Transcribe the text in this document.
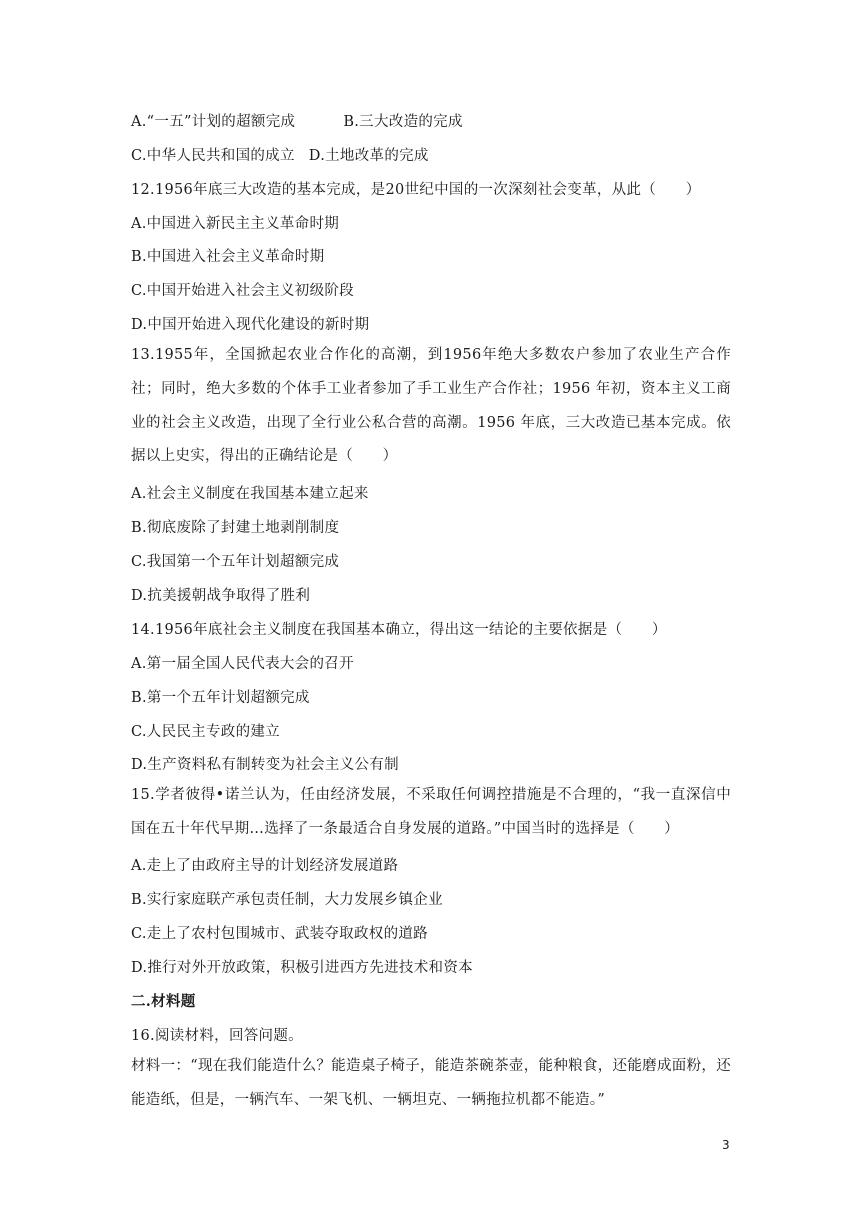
A.“一五”计划的超额完成	B.三大改造的完成
C.中华人民共和国的成立 D.土地改革的完成
12.1956年底三大改造的基本完成，是20世纪中国的一次深刻社会变革，从此（　　）
A.中国进入新民主主义革命时期
B.中国进入社会主义革命时期
C.中国开始进入社会主义初级阶段
D.中国开始进入现代化建设的新时期
13.1955年，全国掀起农业合作化的高潮，到1956年绝大多数农户参加了农业生产合作社；同时，绝大多数的个体手工业者参加了手工业生产合作社；1956 年初，资本主义工商业的社会主义改造，出现了全行业公私合营的高潮。1956 年底，三大改造已基本完成。依据以上史实，得出的正确结论是（　　）
A.社会主义制度在我国基本建立起来
B.彻底废除了封建土地剥削制度
C.我国第一个五年计划超额完成
D.抗美援朝战争取得了胜利
14.1956年底社会主义制度在我国基本确立，得出这一结论的主要依据是（　　）
A.第一届全国人民代表大会的召开
B.第一个五年计划超额完成
C.人民民主专政的建立
D.生产资料私有制转变为社会主义公有制
15.学者彼得•诺兰认为，任由经济发展，不采取任何调控措施是不合理的，“我一直深信中国在五十年代早期…选择了一条最适合自身发展的道路。”中国当时的选择是（　　）
A.走上了由政府主导的计划经济发展道路
B.实行家庭联产承包责任制，大力发展乡镇企业
C.走上了农村包围城市、武装夺取政权的道路
D.推行对外开放政策，积极引进西方先进技术和资本
二.材料题
16.阅读材料，回答问题。
材料一：“现在我们能造什么？能造桌子椅子，能造茶碗茶壶，能种粮食，还能磨成面粉，还能造纸，但是，一辆汽车、一架飞机、一辆坦克、一辆拖拉机都不能造。”
3
